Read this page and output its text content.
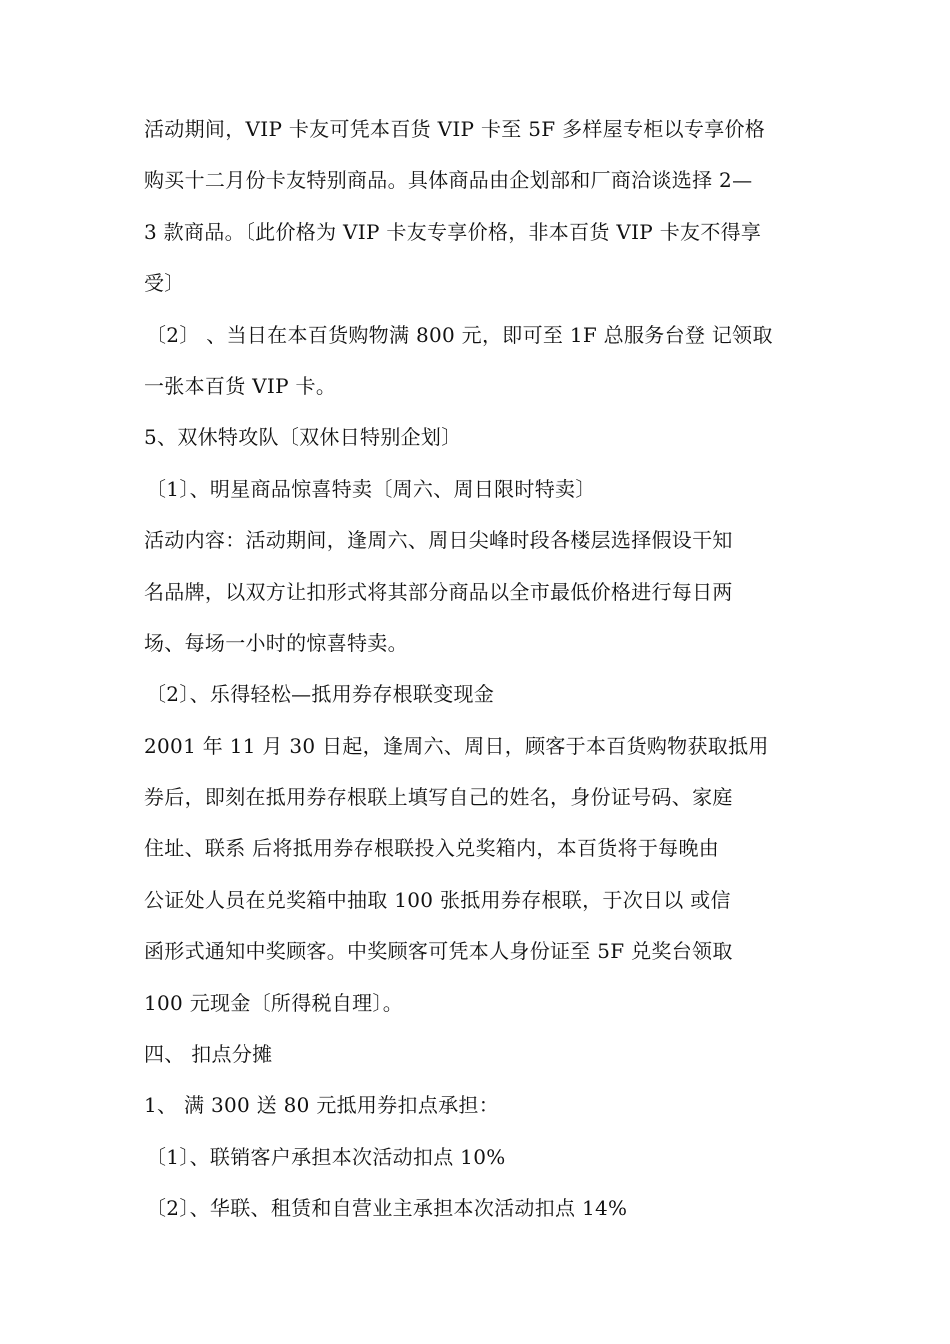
活动期间，VIP 卡友可凭本百货 VIP 卡至 5F 多样屋专柜以专享价格
购买十二月份卡友特别商品。具体商品由企划部和厂商洽谈选择 2—
3 款商品。〔此价格为 VIP 卡友专享价格，非本百货 VIP 卡友不得享
受〕
〔2〕 、当日在本百货购物满 800 元，即可至 1F 总服务台登 记领取
一张本百货 VIP 卡。
5、双休特攻队〔双休日特别企划〕
〔1〕、明星商品惊喜特卖〔周六、周日限时特卖〕
活动内容：活动期间，逢周六、周日尖峰时段各楼层选择假设干知
名品牌，以双方让扣形式将其部分商品以全市最低价格进行每日两
场、每场一小时的惊喜特卖。
〔2〕、乐得轻松—抵用券存根联变现金
2001 年 11 月 30 日起，逢周六、周日，顾客于本百货购物获取抵用
券后，即刻在抵用券存根联上填写自己的姓名，身份证号码、家庭
住址、联系 后将抵用券存根联投入兑奖箱内，本百货将于每晚由
公证处人员在兑奖箱中抽取 100 张抵用券存根联，于次日以 或信
函形式通知中奖顾客。中奖顾客可凭本人身份证至 5F 兑奖台领取
100 元现金〔所得税自理〕。
四、 扣点分摊
1、 满 300 送 80 元抵用券扣点承担：
〔1〕、联销客户承担本次活动扣点 10%
〔2〕、华联、租赁和自营业主承担本次活动扣点 14%
